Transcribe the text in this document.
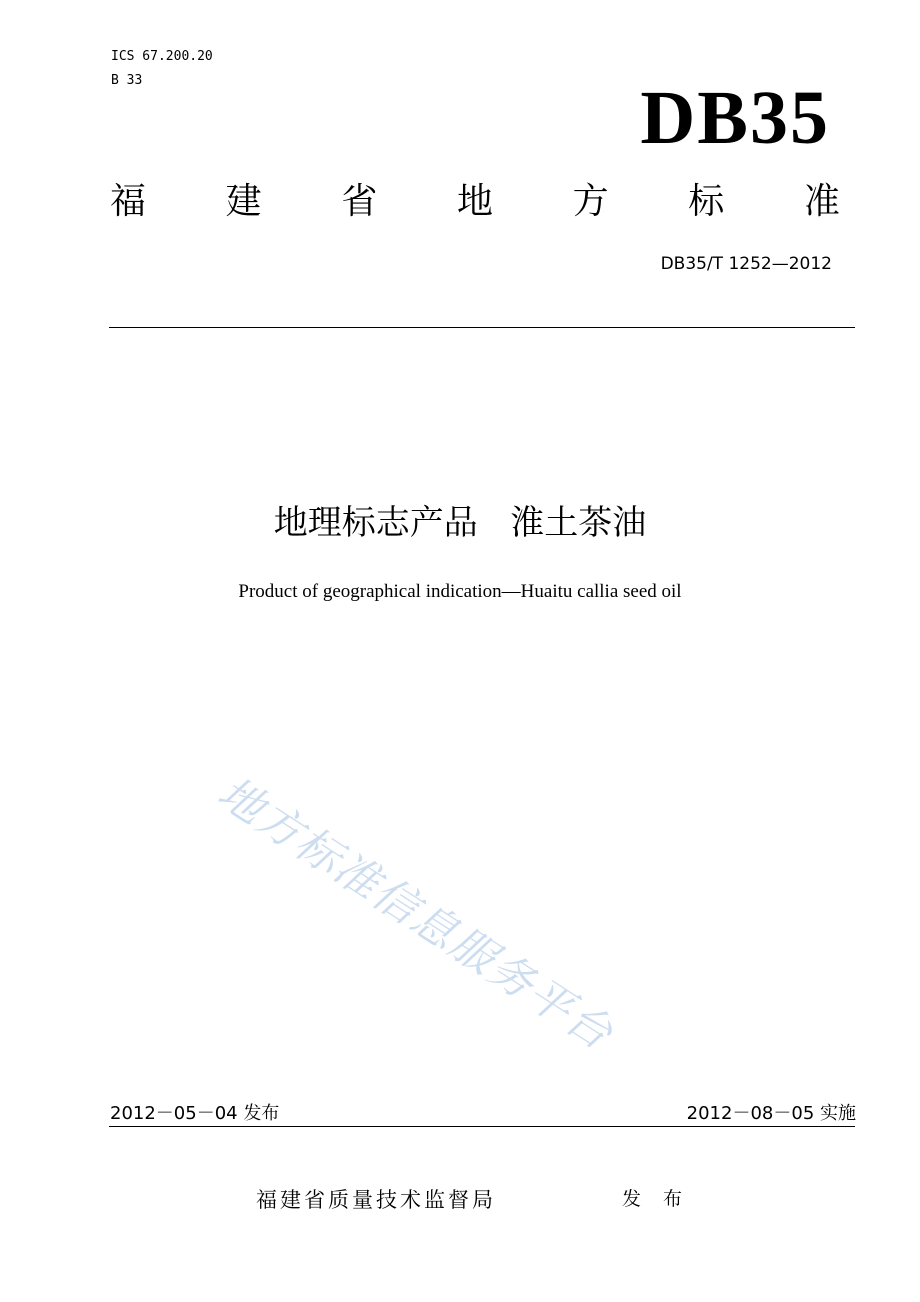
ICS 67.200.20
B 33	DB35
福 建 省 地 方 标 准
DB35/T 1252—2012
地理标志产品   淮土茶油
Product of geographical indication—Huaitu callia seed oil
地方标准信息服务平台
2012－05－04 发布	2012－08－05 实施
福建省质量技术监督局	发 布
